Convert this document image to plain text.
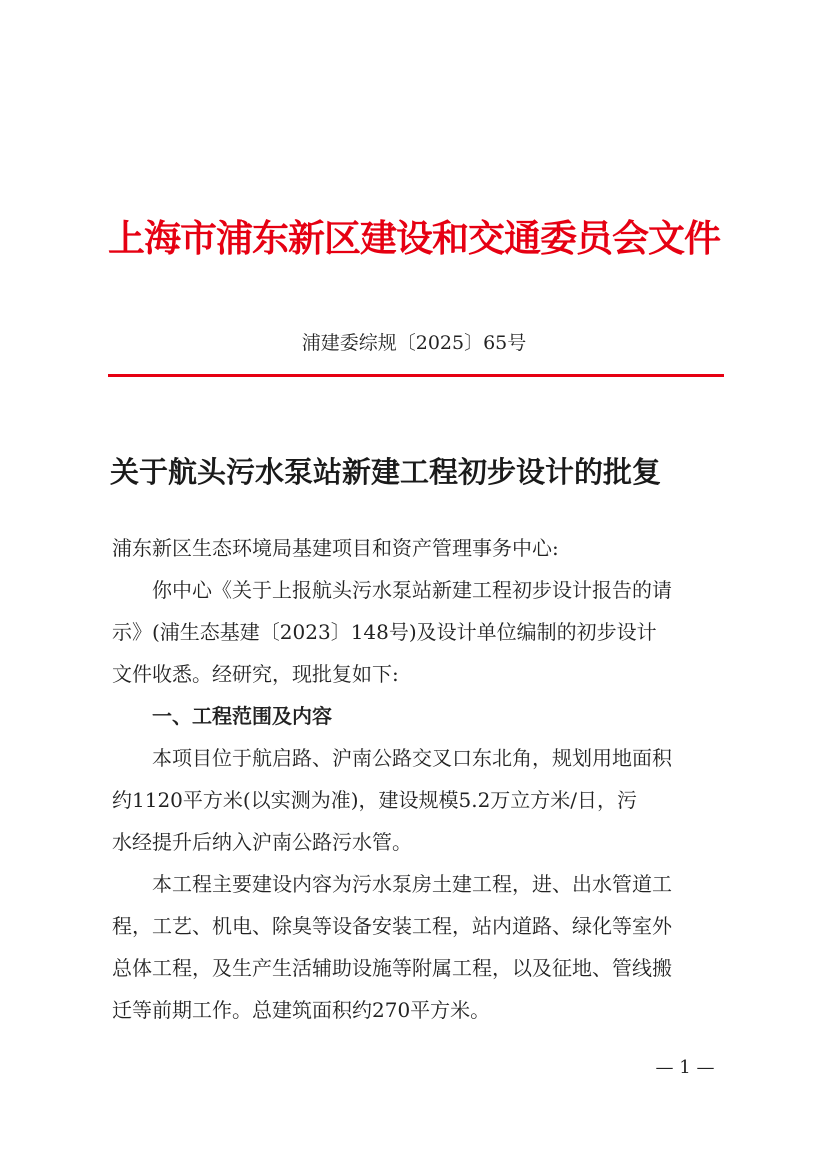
上海市浦东新区建设和交通委员会文件
浦建委综规〔2025〕65号
关于航头污水泵站新建工程初步设计的批复
浦东新区生态环境局基建项目和资产管理事务中心:
你中心《关于上报航头污水泵站新建工程初步设计报告的请
示》(浦生态基建〔2023〕148号)及设计单位编制的初步设计
文件收悉。经研究，现批复如下:
一、工程范围及内容
本项目位于航启路、沪南公路交叉口东北角，规划用地面积
约1120平方米(以实测为准)，建设规模5.2万立方米/日，污
水经提升后纳入沪南公路污水管。
本工程主要建设内容为污水泵房土建工程，进、出水管道工
程，工艺、机电、除臭等设备安装工程，站内道路、绿化等室外
总体工程，及生产生活辅助设施等附属工程，以及征地、管线搬
迁等前期工作。总建筑面积约270平方米。
— 1 —
